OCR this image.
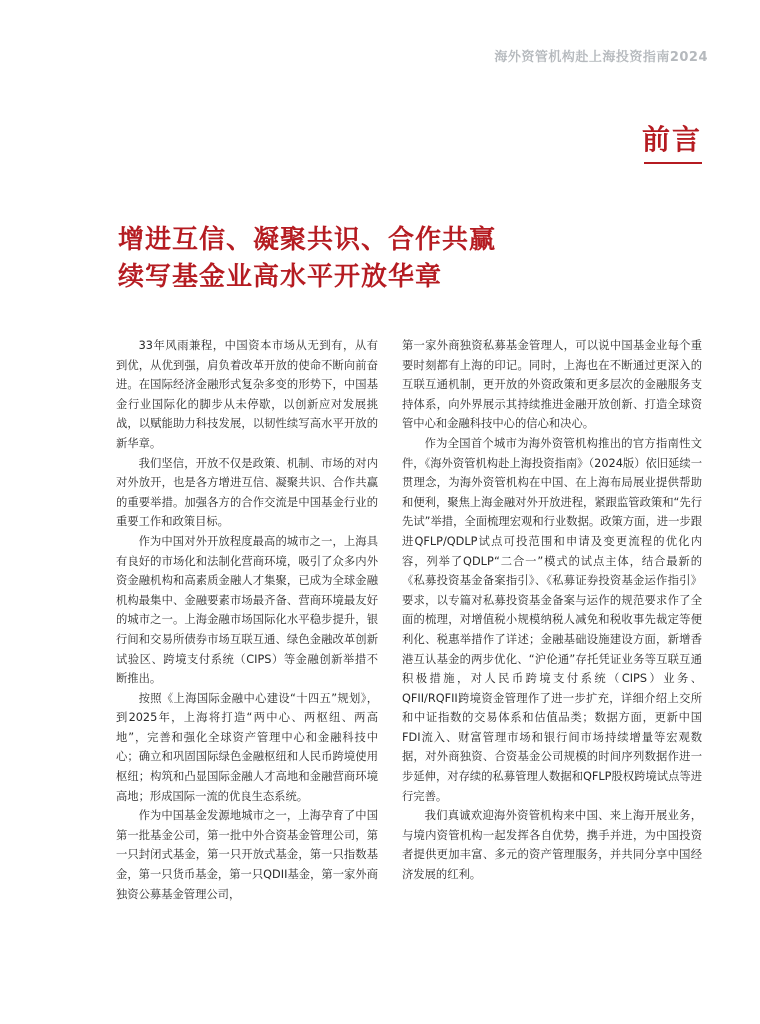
海外资管机构赴上海投资指南2024

前言
增进互信、凝聚共识、合作共赢
续写基金业高水平开放华章

33年风雨兼程，中国资本市场从无到有，从有到优，从优到强，肩负着改革开放的使命不断向前奋进。在国际经济金融形式复杂多变的形势下，中国基金行业国际化的脚步从未停歇，以创新应对发展挑战，以赋能助力科技发展，以韧性续写高水平开放的新华章。

我们坚信，开放不仅是政策、机制、市场的对内对外放开，也是各方增进互信、凝聚共识、合作共赢的重要举措。加强各方的合作交流是中国基金行业的重要工作和政策目标。

作为中国对外开放程度最高的城市之一，上海具有良好的市场化和法制化营商环境，吸引了众多内外资金融机构和高素质金融人才集聚，已成为全球金融机构最集中、金融要素市场最齐备、营商环境最友好的城市之一。上海金融市场国际化水平稳步提升，银行间和交易所债券市场互联互通、绿色金融改革创新试验区、跨境支付系统（CIPS）等金融创新举措不断推出。

按照《上海国际金融中心建设“十四五”规划》，到2025年，上海将打造“两中心、两枢纽、两高地”，完善和强化全球资产管理中心和金融科技中心；确立和巩固国际绿色金融枢纽和人民币跨境使用枢纽；构筑和凸显国际金融人才高地和金融营商环境高地；形成国际一流的优良生态系统。

作为中国基金发源地城市之一，上海孕育了中国第一批基金公司，第一批中外合资基金管理公司，第一只封闭式基金，第一只开放式基金，第一只指数基金，第一只货币基金，第一只QDII基金，第一家外商独资公募基金管理公司，

第一家外商独资私募基金管理人，可以说中国基金业每个重要时刻都有上海的印记。同时，上海也在不断通过更深入的互联互通机制，更开放的外资政策和更多层次的金融服务支持体系，向外界展示其持续推进金融开放创新、打造全球资管中心和金融科技中心的信心和决心。

作为全国首个城市为海外资管机构推出的官方指南性文件，《海外资管机构赴上海投资指南》（2024版）依旧延续一贯理念，为海外资管机构在中国、在上海布局展业提供帮助和便利，聚焦上海金融对外开放进程，紧跟监管政策和“先行先试”举措，全面梳理宏观和行业数据。政策方面，进一步跟进QFLP/QDLP试点可投范围和申请及变更流程的优化内容，列举了QDLP“二合一”模式的试点主体，结合最新的《私募投资基金备案指引》、《私募证券投资基金运作指引》要求，以专篇对私募投资基金备案与运作的规范要求作了全面的梳理，对增值税小规模纳税人减免和税收事先裁定等便利化、税惠举措作了详述；金融基础设施建设方面，新增香港互认基金的两步优化、“沪伦通”存托凭证业务等互联互通积极措施，对人民币跨境支付系统（CIPS）业务、QFII/RQFII跨境资金管理作了进一步扩充，详细介绍上交所和中证指数的交易体系和估值品类；数据方面，更新中国FDI流入、财富管理市场和银行间市场持续增量等宏观数据，对外商独资、合资基金公司规模的时间序列数据作进一步延伸，对存续的私募管理人数据和QFLP股权跨境试点等进行完善。

我们真诚欢迎海外资管机构来中国、来上海开展业务，与境内资管机构一起发挥各自优势，携手并进，为中国投资者提供更加丰富、多元的资产管理服务，并共同分享中国经济发展的红利。
